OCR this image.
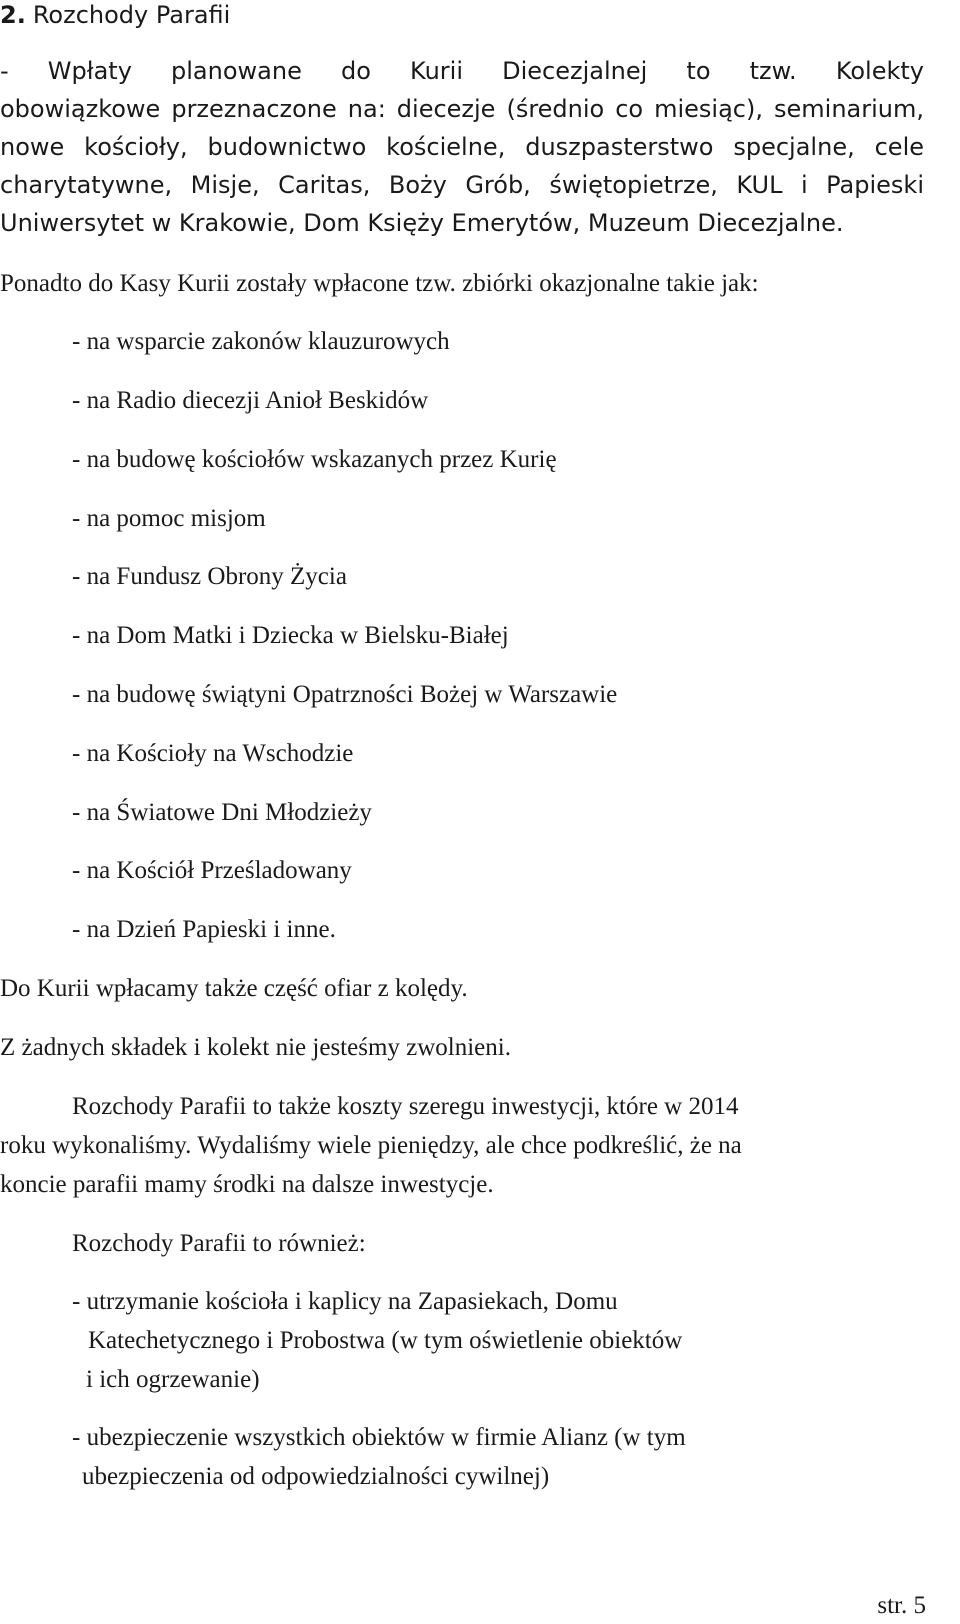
2. Rozchody Parafii
- Wpłaty planowane do Kurii Diecezjalnej to tzw. Kolekty
obowiązkowe przeznaczone na: diecezje (średnio co miesiąc), seminarium,
nowe kościoły, budownictwo kościelne, duszpasterstwo specjalne, cele
charytatywne, Misje, Caritas, Boży Grób, świętopietrze, KUL i Papieski
Uniwersytet w Krakowie, Dom Księży Emerytów, Muzeum Diecezjalne.
Ponadto do Kasy Kurii zostały wpłacone tzw. zbiórki okazjonalne takie jak:
- na wsparcie zakonów klauzurowych
- na Radio diecezji Anioł Beskidów
- na budowę kościołów wskazanych przez Kurię
- na pomoc misjom
- na Fundusz Obrony Życia
- na Dom Matki i Dziecka w Bielsku-Białej
- na budowę świątyni Opatrzności Bożej w Warszawie
- na Kościoły na Wschodzie
- na Światowe Dni Młodzieży
- na Kościół Prześladowany
- na Dzień Papieski i inne.
Do Kurii wpłacamy także część ofiar z kolędy.
Z żadnych składek i kolekt nie jesteśmy zwolnieni.
Rozchody Parafii to także koszty szeregu inwestycji, które w 2014
roku wykonaliśmy. Wydaliśmy wiele pieniędzy, ale chce podkreślić, że na
koncie parafii mamy środki na dalsze inwestycje.
Rozchody Parafii to również:
- utrzymanie kościoła i kaplicy na Zapasiekach, Domu
Katechetycznego i Probostwa (w tym oświetlenie obiektów
i ich ogrzewanie)
- ubezpieczenie wszystkich obiektów w firmie Alianz (w tym
ubezpieczenia od odpowiedzialności cywilnej)
str. 5
